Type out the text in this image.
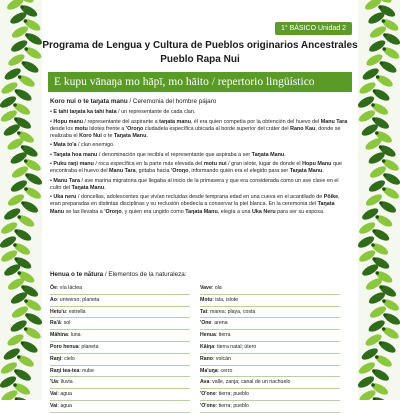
1° BÁSICO Unidad 2
Programa de Lengua y Cultura de Pueblos originarios Ancestrales
Pueblo Rapa Nui
E kupu vānaŋa mo hāpī, mo hāito / repertorio lingüístico
Koro nui o te taŋata manu / Ceremonia del hombre pájaro

• E tahi taŋata ka tahi hata / un representante de cada clan.

• Hopu manu / representante del aspirante a taŋata manu, él era quien competía por la obtención del huevo del Manu Tara desde los motu islotes frente a 'Oroŋo ciudadela específica ubicada al borde superior del cráter del Rano Kau, donde se realizaba el Koro Nui o te Taŋata Manu.

• Mata to'a / clan enemigo.

• Taŋata hoa manu / denominación que recibía el representante que aspiraba a ser Taŋata Manu.

• Puku raŋi manu / roca específica en la parte más elevada del motu nui / gran islote, lugar de donde el Hopu Manu que encontraba el huevo del Manu Tara, gritaba hacia 'Oroŋo, informando quién era el elegido para ser Taŋata Manu.

• Manu Tara / ave marina migratoria que llegaba al inicio de la primavera y que era considerada como un ave clave en el culto del Taŋata Manu.

• Uka neru / doncellas, adolescentes que vivían recluidas desde temprana edad en una cueva en el acantilado de Pōike, eran preparadas en distintas disciplinas y su reclusión obedecía a conservar la piel blanca. En la ceremonia del Taŋata Manu se las llevaba a 'Oroŋo, y quien era ungido como Taŋata Manu, elegía a una Uka Neru para ser su esposa.

Henua o te nātura / Elementos de la naturaleza:
Ōe: vía láctea
Ao: universo; planeta
Hetu'u: estrella
Ra'ā: sol
Māhina: luna
Poro henua: planeta
Raŋi: cielo
Raŋi tea-tea: nube
'Ua: lluvia
Vai: agua
Vai: agua
Vave: ola
Motu: isla, islote
Tai: marea; playa, costa
'One: arena
Henua: tierra
Kāiŋa: tierra natal; útero
Rano: volcán
Ma'uŋa: cerro
Ava: valle, zanja; canal de un riachuelo
'O'one: tierra; pueblo
'O'one: tierra; pueblo
